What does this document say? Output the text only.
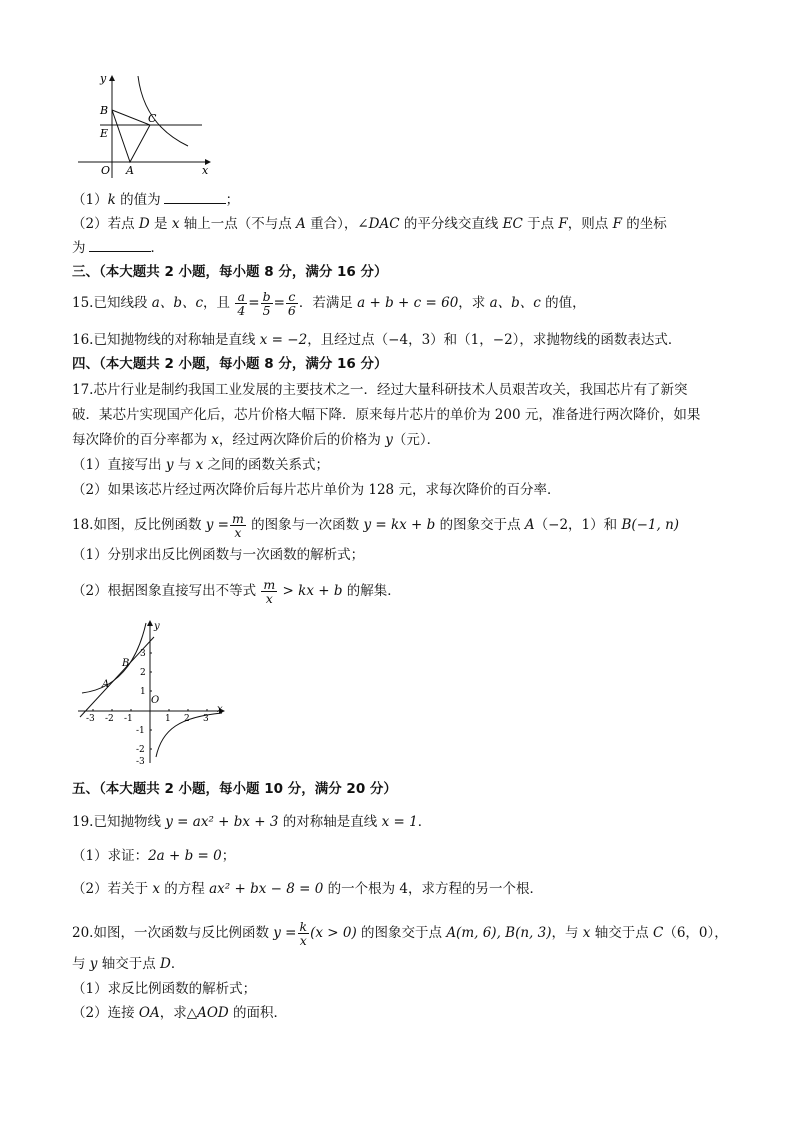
y
B
E
C
O A	x
（1）k 的值为	；
（2）若点 D 是 x 轴上一点（不与点 A 重合），∠DAC 的平分线交直线 EC 于点 F，则点 F 的坐标
为	．
三、（本大题共 2 小题，每小题 8 分，满分 16 分）
15.已知线段 a、b、c，且 $\frac{a}{4} = \frac{b}{5} = \frac{c}{6}$ ．若满足 a + b + c = 60，求 a、b、c 的值，
16.已知抛物线的对称轴是直线 x = −2，且经过点（−4，3）和（1，−2），求抛物线的函数表达式．
四、（本大题共 2 小题，每小题 8 分，满分 16 分）
17.芯片行业是制约我国工业发展的主要技术之一．经过大量科研技术人员艰苦攻关，我国芯片有了新突
破．某芯片实现国产化后，芯片价格大幅下降．原来每片芯片的单价为 200 元，准备进行两次降价，如果
每次降价的百分率都为 x，经过两次降价后的价格为 y（元）．
（1）直接写出 y 与 x 之间的函数关系式；
（2）如果该芯片经过两次降价后每片芯片单价为 128 元，求每次降价的百分率．
18.如图，反比例函数 $y = \frac{m}{x}$ 的图象与一次函数 y = kx + b 的图象交于点 A（−2，1）和 B(−1, n)
（1）分别求出反比例函数与一次函数的解析式；
（2）根据图象直接写出不等式 $\frac{m}{x}$ > kx + b 的解集．
y
x
O
A
B
-3 -2 -1	1 2 3
3
2
1
-1
-2
-3
五、（本大题共 2 小题，每小题 10 分，满分 20 分）
19.已知抛物线 y = ax² + bx + 3 的对称轴是直线 x = 1．
（1）求证：2a + b = 0；
（2）若关于 x 的方程 ax² + bx − 8 = 0 的一个根为 4，求方程的另一个根．
20.如图，一次函数与反比例函数 $y = \frac{k}{x} (x > 0)$ 的图象交于点 A(m, 6), B(n, 3)，与 x 轴交于点 C（6，0），
与 y 轴交于点 D．
（1）求反比例函数的解析式；
（2）连接 OA，求△AOD 的面积．
